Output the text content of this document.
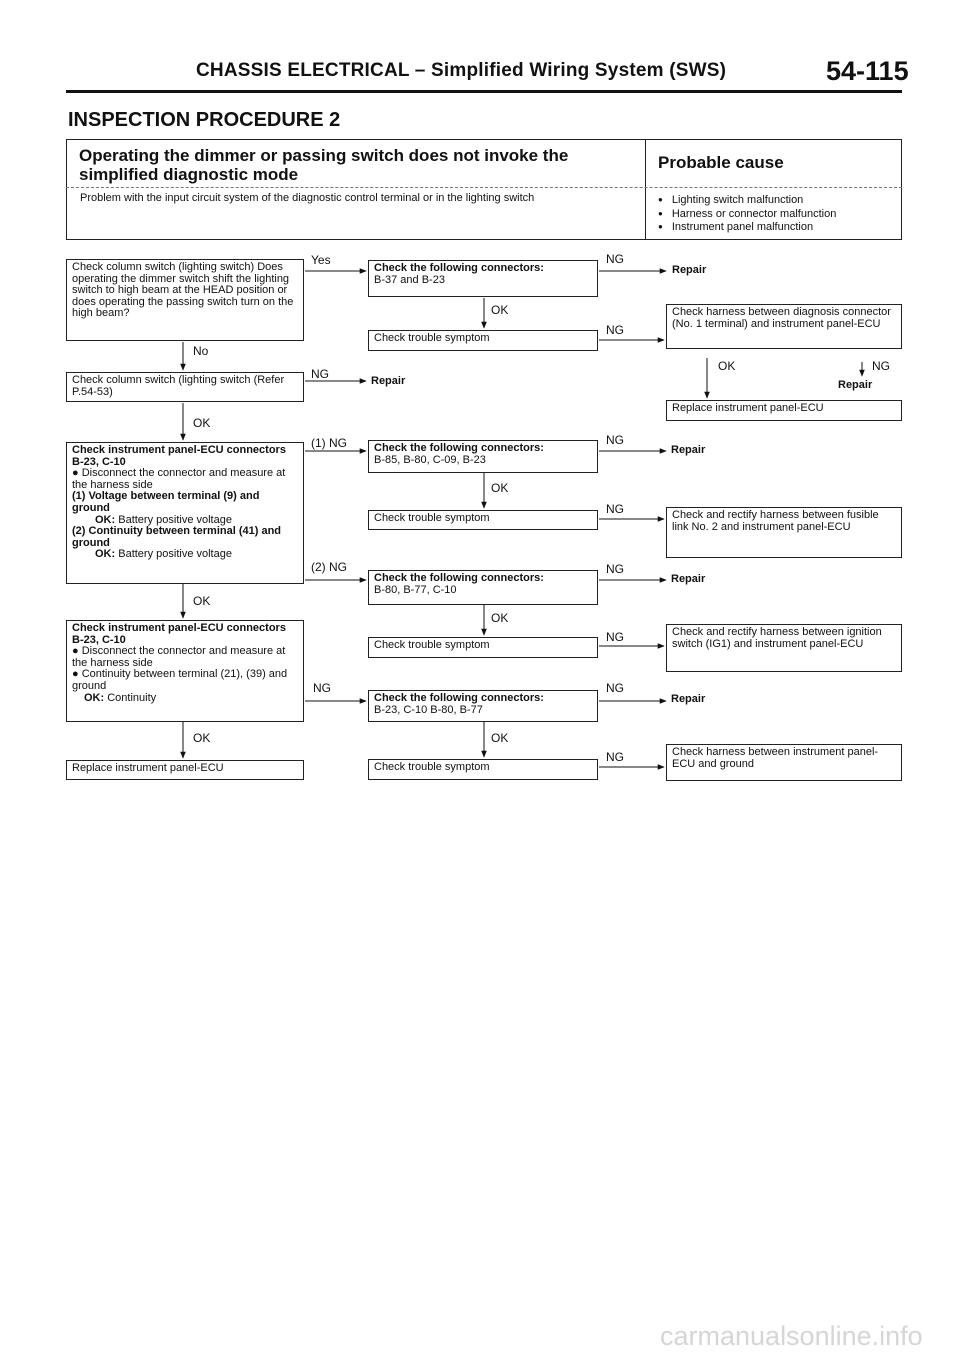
CHASSIS ELECTRICAL – Simplified Wiring System (SWS)	54-115
INSPECTION PROCEDURE 2
Operating the dimmer or passing switch does not invoke the simplified diagnostic mode
Probable cause
Problem with the input circuit system of the diagnostic control terminal or in the lighting switch
●	Lighting switch malfunction
● Harness or connector malfunction
● Instrument panel malfunction
Check column switch (lighting switch) Does operating the dimmer switch shift the lighting switch to high beam at the HEAD position or does operating the passing switch turn on the high beam?
No
Check column switch (lighting switch (Refer P.54-53)
NG	Repair
OK
Check instrument panel-ECU connectors B-23, C-10
● Disconnect the connector and measure at the harness side
(1) Voltage between terminal (9) and ground
OK: Battery positive voltage
(2) Continuity between terminal (41) and ground
OK: Battery positive voltage
(1) NG
(2) NG
OK
Check instrument panel-ECU connectors B-23, C-10
● Disconnect the connector and measure at the harness side
● Continuity between terminal (21), (39) and ground
OK: Continuity
NG
OK
Replace instrument panel-ECU
Yes
Check the following connectors:
B-37 and B-23
NG
Repair
OK
Check trouble symptom
NG
Check the following connectors:
B-85, B-80, C-09, B-23
NG
Repair
OK
Check trouble symptom
NG
Check the following connectors:
B-80, B-77, C-10
NG
Repair
OK
Check trouble symptom
NG
Check the following connectors:
B-23, C-10 B-80, B-77
NG
Repair
OK
Check trouble symptom
NG
Check harness between diagnosis connector (No. 1 terminal) and instrument panel-ECU
OK	NG
Repair
Replace instrument panel-ECU
Check and rectify harness between fusible link No. 2 and instrument panel-ECU
Check and rectify harness between ignition switch (IG1) and instrument panel-ECU
Check harness between instrument panel-ECU and ground
carmanualsonline.info
